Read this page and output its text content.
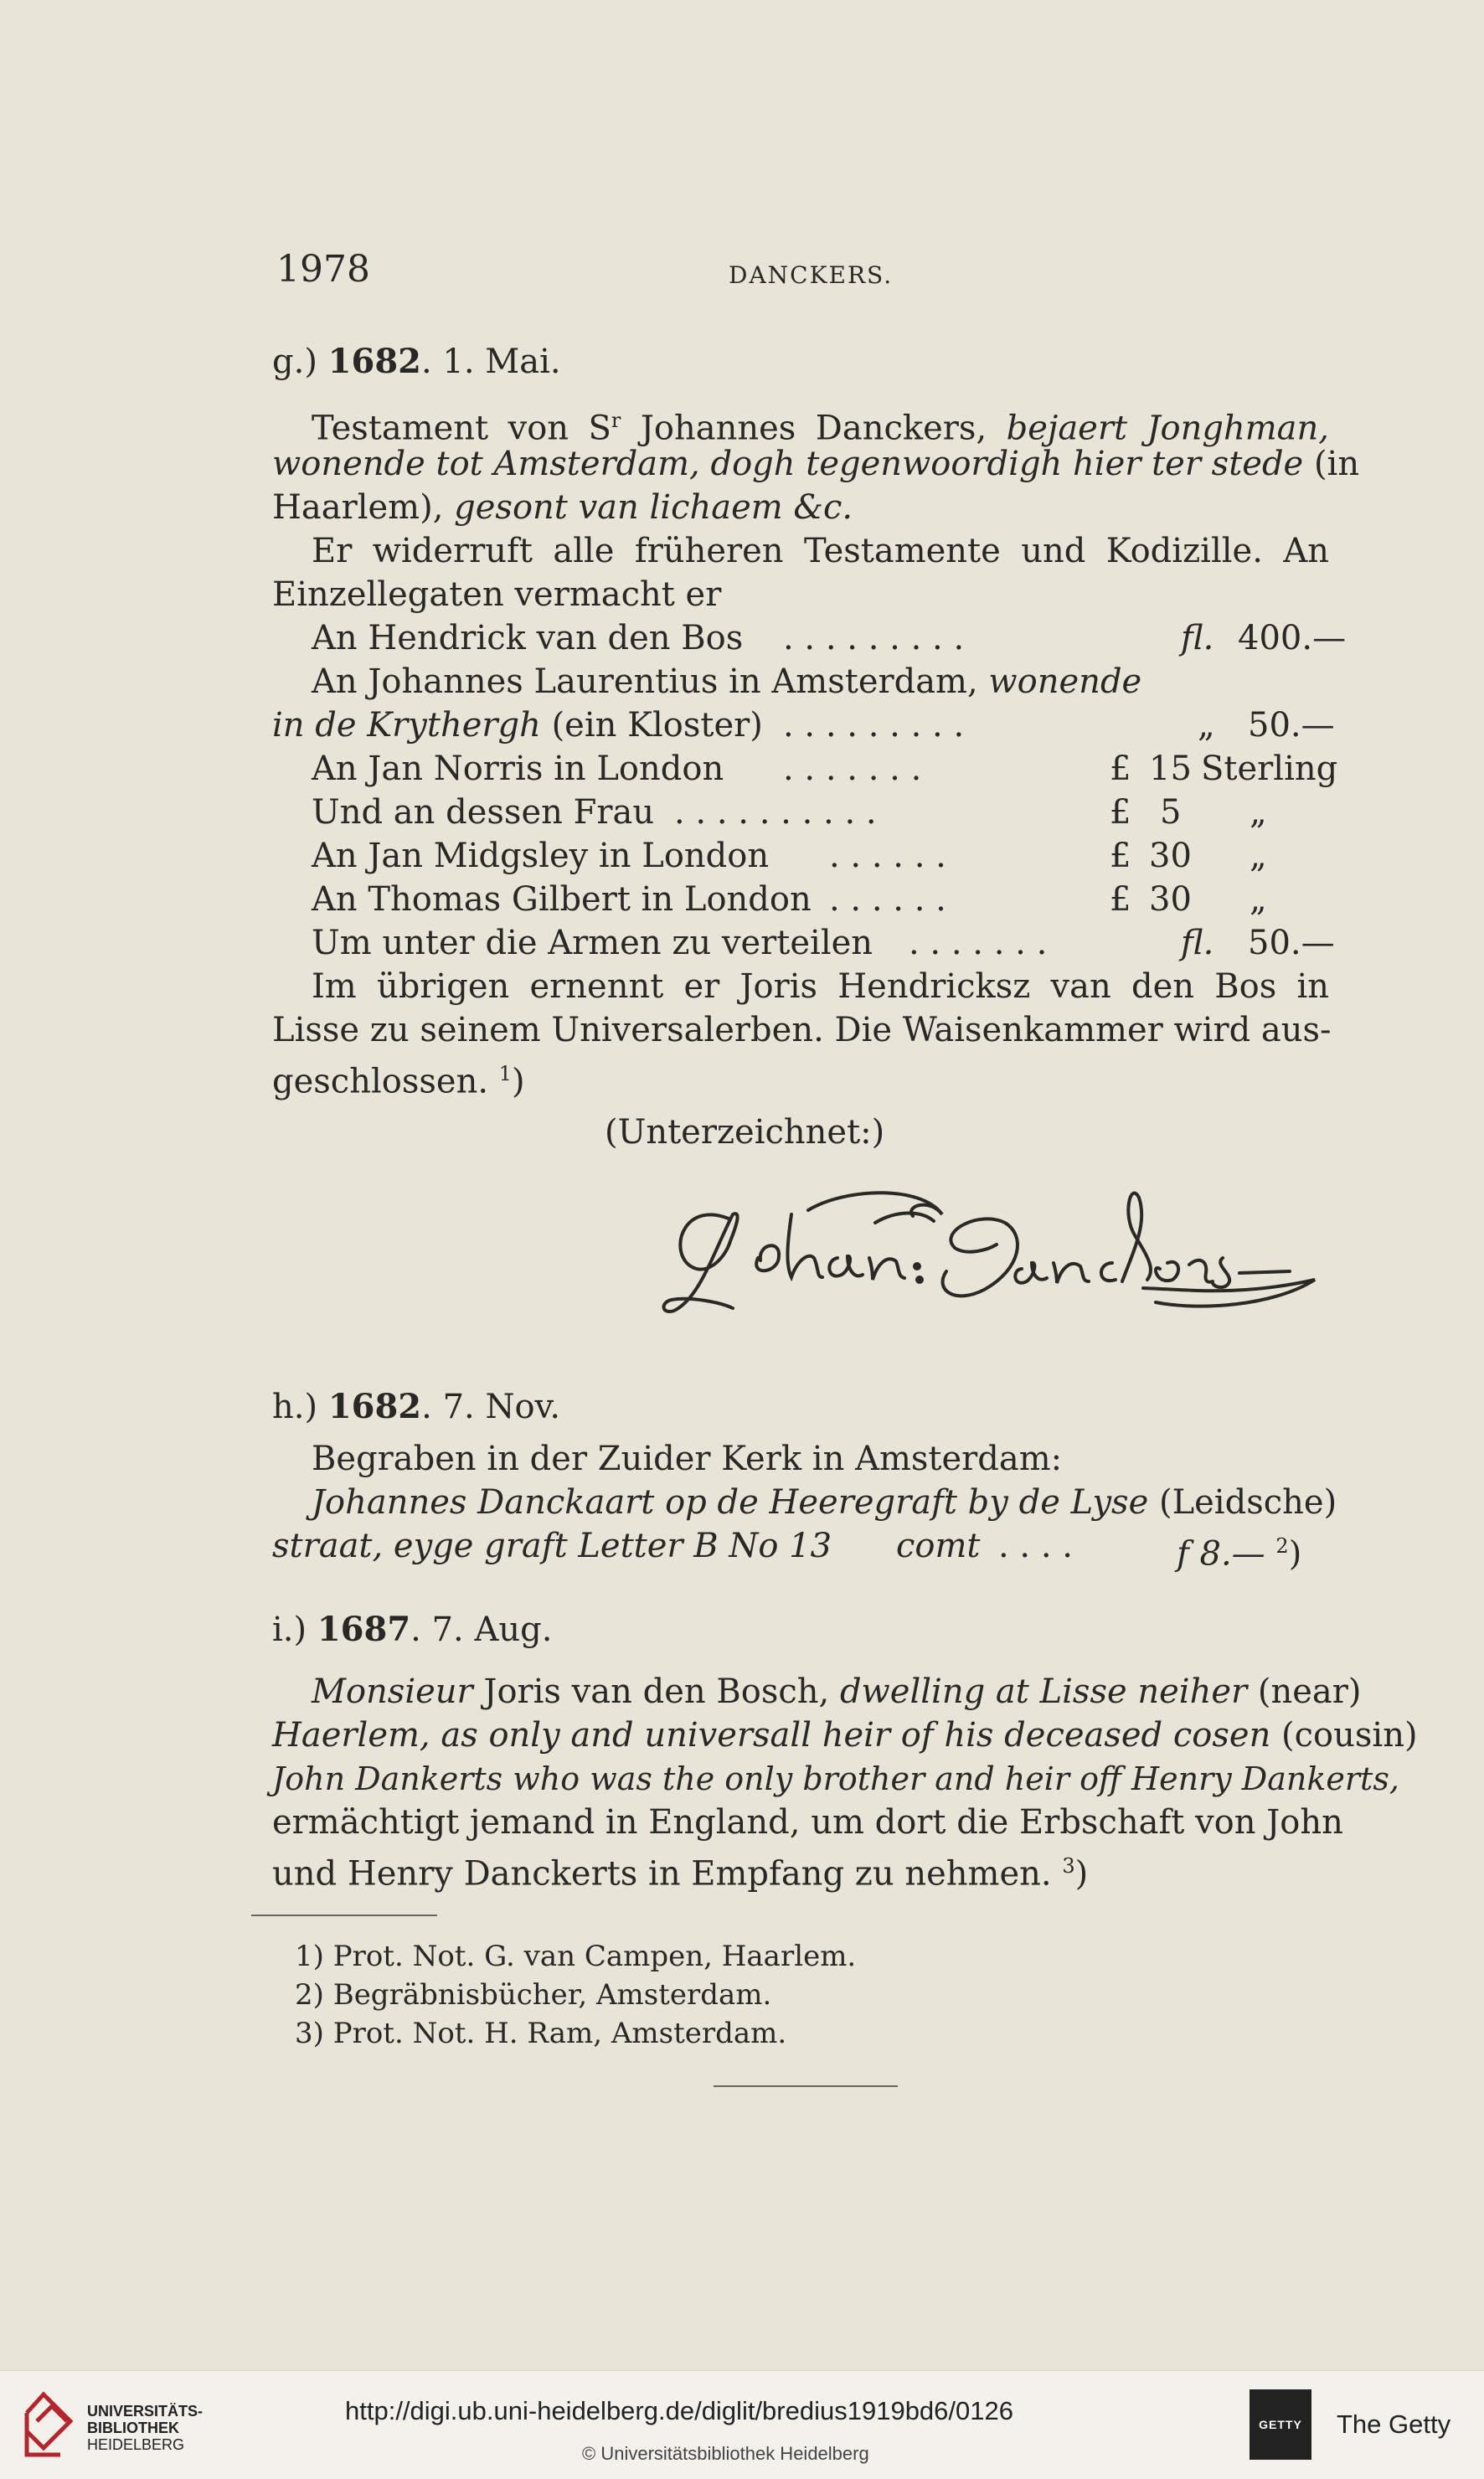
1978	DANCKERS.
g.) 1682. 1. Mai.
Testament von $S^r$ Johannes Danckers, bejaert Jonghman,
wonende tot Amsterdam, dogh tegenwoordigh hier ter stede (in
Haarlem), gesont van lichaem &c.
Er widerruft alle früheren Testamente und Kodizille. An
Einzellegaten vermacht er
An Hendrick van den Bos . . . . . . . . .	fl. 400.—
An Johannes Laurentius in Amsterdam, wonende
in de Krythergh (ein Kloster) . . . . . . . . .	„ 50.—
An Jan Norris in London . . . . . . .	£ 15 Sterling
Und an dessen Frau . . . . . . . . . .	£ 5 „
An Jan Midgsley in London . . . . . .	£ 30 „
An Thomas Gilbert in London . . . . . .	£ 30 „
Um unter die Armen zu verteilen . . . . . . .	fl. 50.—
Im übrigen ernennt er Joris Hendricksz van den Bos in
Lisse zu seinem Universalerben. Die Waisenkammer wird aus-
geschlossen. $^1$)
(Unterzeichnet:)
h.) 1682. 7. Nov.
Begraben in der Zuider Kerk in Amsterdam:
Johannes Danckaart op de Heeregraft by de Lyse (Leidsche)
straat, eyge graft Letter B No 13 comt . . . .	f 8.— $^2$)
i.) 1687. 7. Aug.
Monsieur Joris van den Bosch, dwelling at Lisse neiher (near)
Haerlem, as only and universall heir of his deceased cosen (cousin)
John Dankerts who was the only brother and heir off Henry Dankerts,
ermächtigt jemand in England, um dort die Erbschaft von John
und Henry Danckerts in Empfang zu nehmen. $^3$)
1) Prot. Not. G. van Campen, Haarlem.
2) Begräbnisbücher, Amsterdam.
3) Prot. Not. H. Ram, Amsterdam.
UNIVERSITÄTS-
BIBLIOTHEK
HEIDELBERG
http://digi.ub.uni-heidelberg.de/diglit/bredius1919bd6/0126
© Universitätsbibliothek Heidelberg
GETTY	The Getty
